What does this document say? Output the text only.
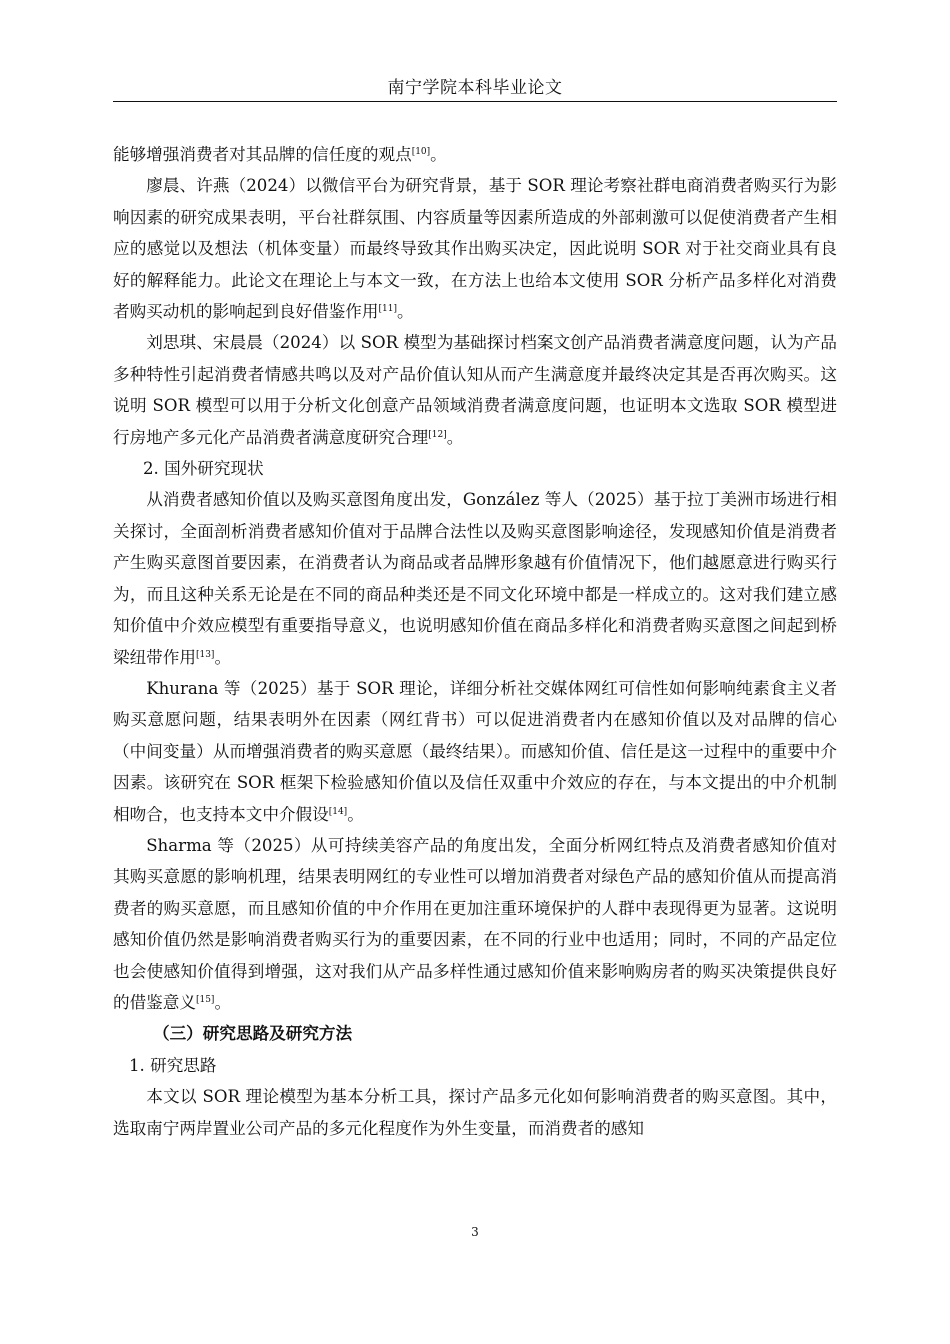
南宁学院本科毕业论文

能够增强消费者对其品牌的信任度的观点[10]。

廖晨、许燕（2024）以微信平台为研究背景，基于 SOR 理论考察社群电商消费者购买行为影响因素的研究成果表明，平台社群氛围、内容质量等因素所造成的外部刺激可以促使消费者产生相应的感觉以及想法（机体变量）而最终导致其作出购买决定，因此说明 SOR 对于社交商业具有良好的解释能力。此论文在理论上与本文一致，在方法上也给本文使用 SOR 分析产品多样化对消费者购买动机的影响起到良好借鉴作用[11]。

刘思琪、宋晨晨（2024）以 SOR 模型为基础探讨档案文创产品消费者满意度问题，认为产品多种特性引起消费者情感共鸣以及对产品价值认知从而产生满意度并最终决定其是否再次购买。这说明 SOR 模型可以用于分析文化创意产品领域消费者满意度问题，也证明本文选取 SOR 模型进行房地产多元化产品消费者满意度研究合理[12]。

2. 国外研究现状

从消费者感知价值以及购买意图角度出发，González 等人（2025）基于拉丁美洲市场进行相关探讨，全面剖析消费者感知价值对于品牌合法性以及购买意图影响途径，发现感知价值是消费者产生购买意图首要因素，在消费者认为商品或者品牌形象越有价值情况下，他们越愿意进行购买行为，而且这种关系无论是在不同的商品种类还是不同文化环境中都是一样成立的。这对我们建立感知价值中介效应模型有重要指导意义，也说明感知价值在商品多样化和消费者购买意图之间起到桥梁纽带作用[13]。

Khurana 等（2025）基于 SOR 理论，详细分析社交媒体网红可信性如何影响纯素食主义者购买意愿问题，结果表明外在因素（网红背书）可以促进消费者内在感知价值以及对品牌的信心（中间变量）从而增强消费者的购买意愿（最终结果）。而感知价值、信任是这一过程中的重要中介因素。该研究在 SOR 框架下检验感知价值以及信任双重中介效应的存在，与本文提出的中介机制相吻合，也支持本文中介假设[14]。

Sharma 等（2025）从可持续美容产品的角度出发，全面分析网红特点及消费者感知价值对其购买意愿的影响机理，结果表明网红的专业性可以增加消费者对绿色产品的感知价值从而提高消费者的购买意愿，而且感知价值的中介作用在更加注重环境保护的人群中表现得更为显著。这说明感知价值仍然是影响消费者购买行为的重要因素，在不同的行业中也适用；同时，不同的产品定位也会使感知价值得到增强，这对我们从产品多样性通过感知价值来影响购房者的购买决策提供良好的借鉴意义[15]。

（三）研究思路及研究方法

1. 研究思路

本文以 SOR 理论模型为基本分析工具，探讨产品多元化如何影响消费者的购买意图。其中，选取南宁两岸置业公司产品的多元化程度作为外生变量，而消费者的感知

3
